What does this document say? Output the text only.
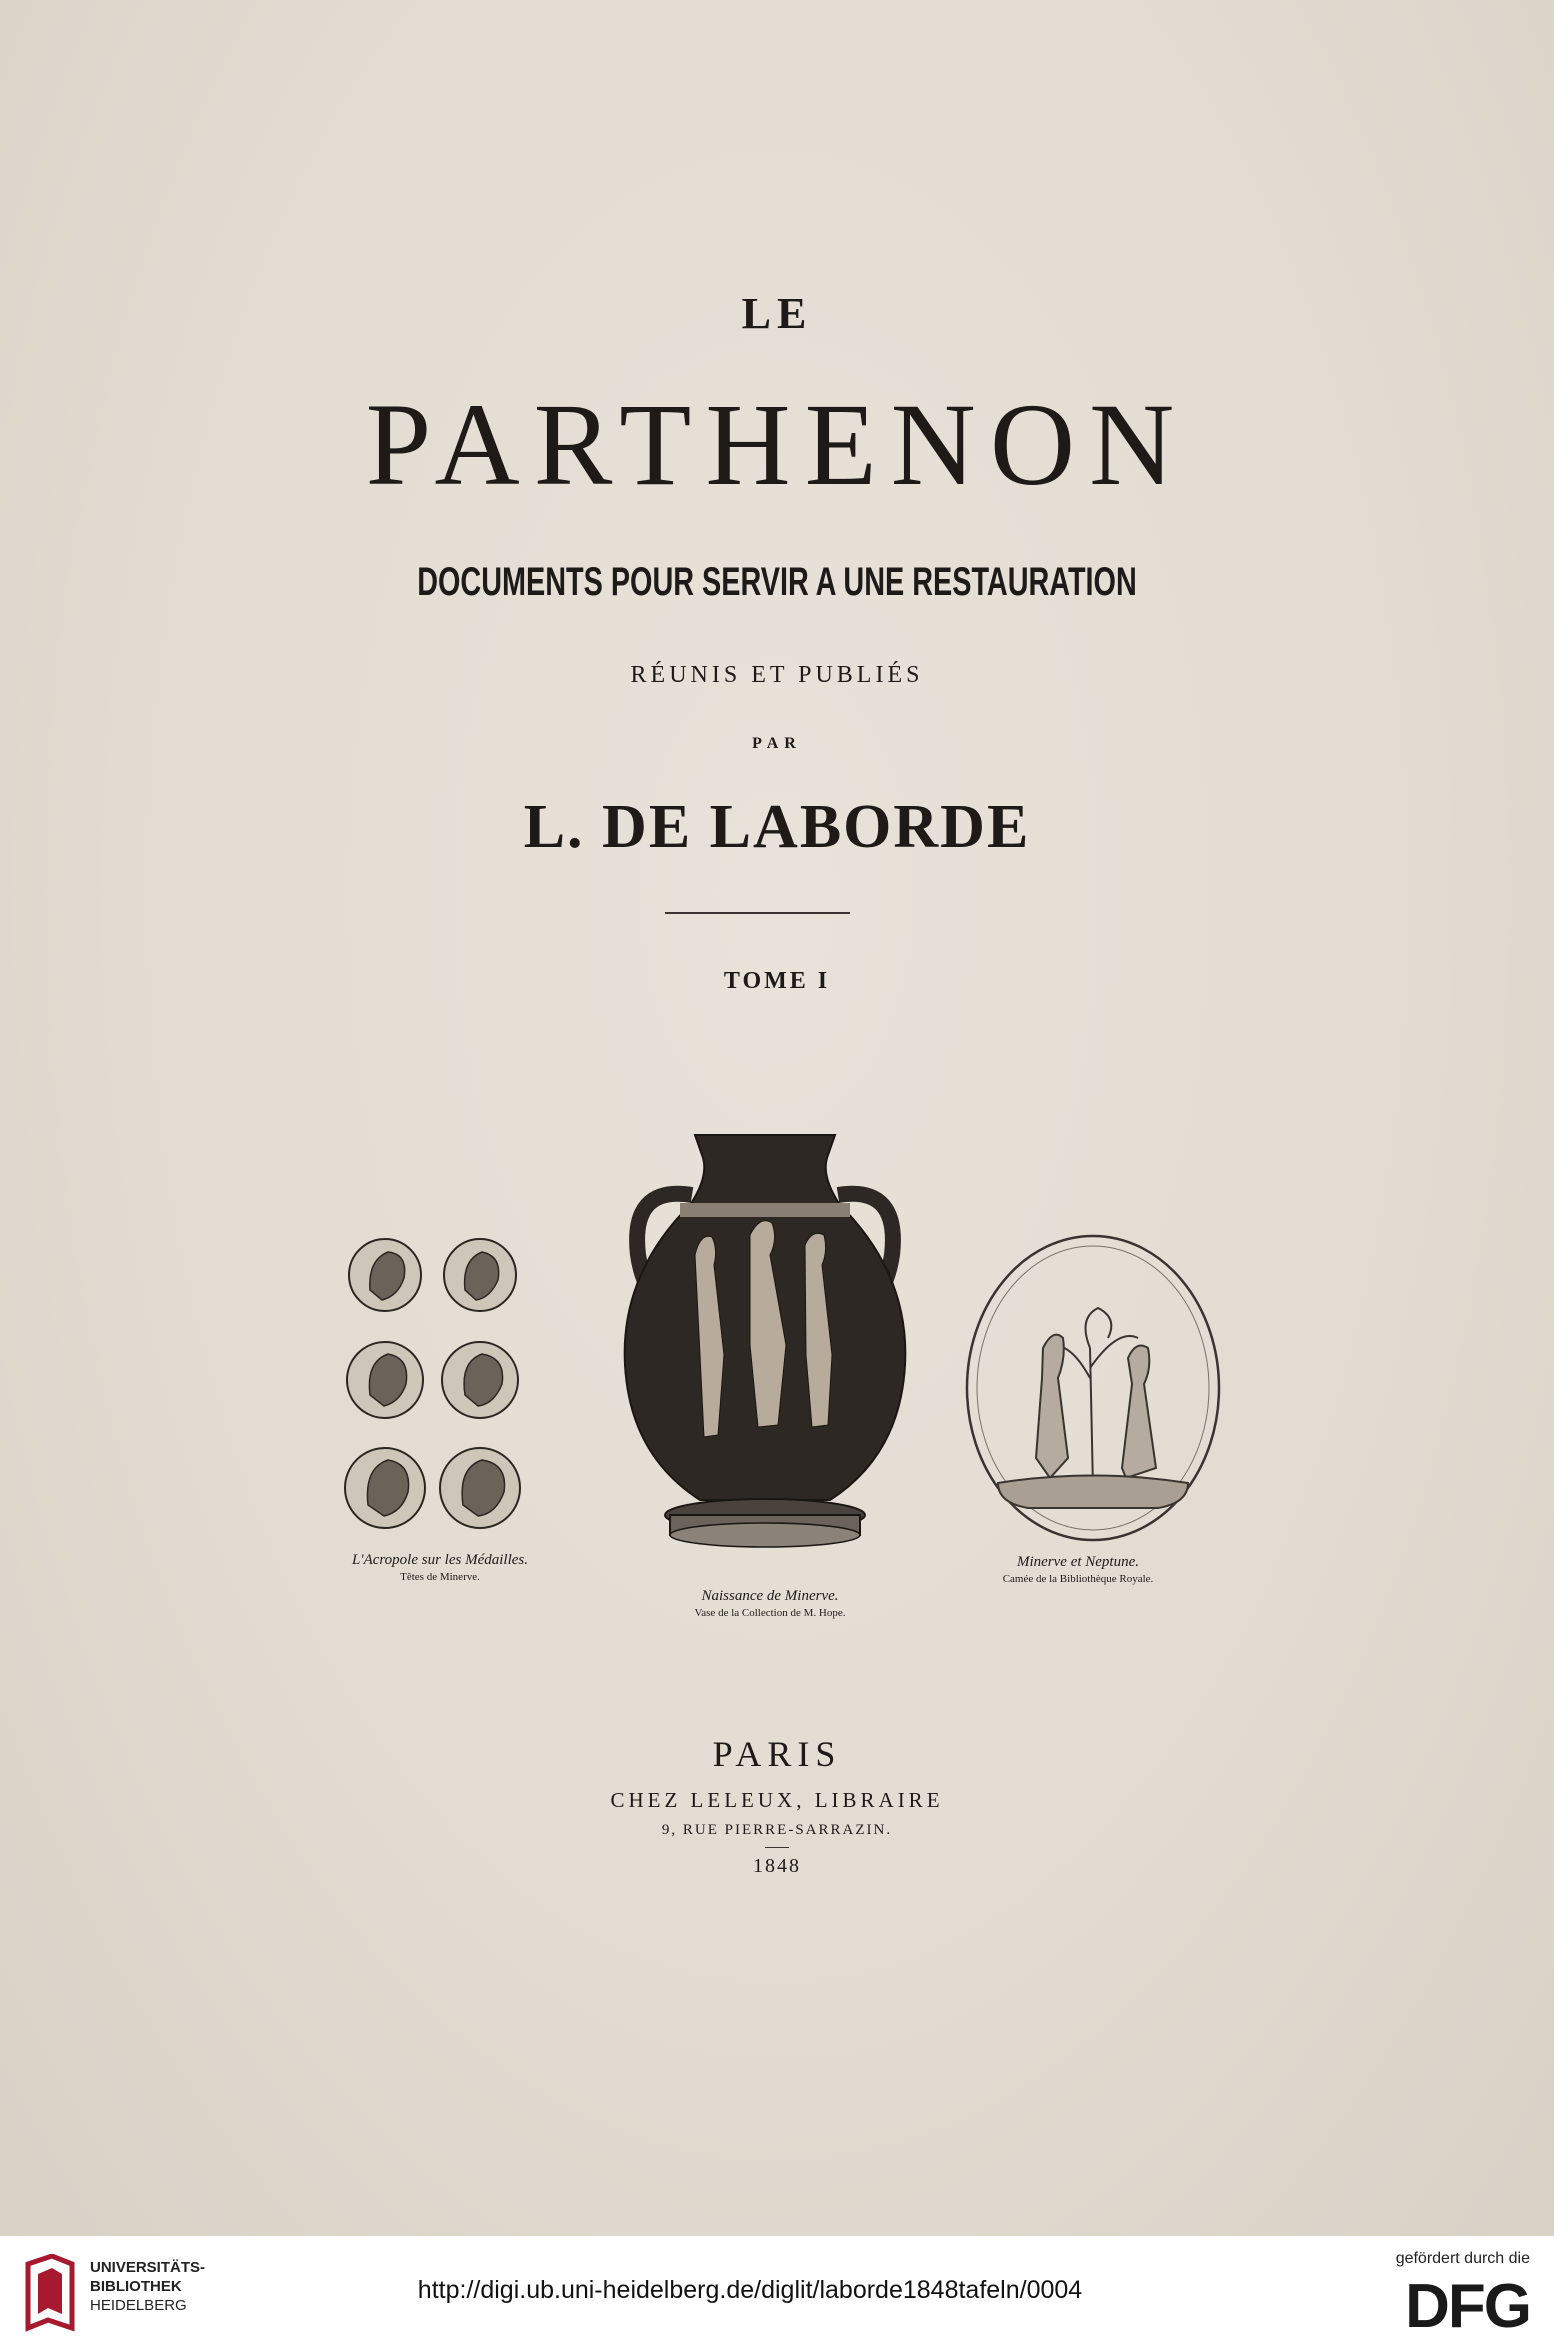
LE
PARTHENON
DOCUMENTS POUR SERVIR A UNE RESTAURATION
RÉUNIS ET PUBLIÉS
PAR
L. DE LABORDE
TOME I
L'Acropole sur les Médailles.
Têtes de Minerve.
Naissance de Minerve.
Vase de la Collection de M. Hope.
Minerve et Neptune.
Camée de la Bibliothèque Royale.
PARIS
CHEZ LELEUX, LIBRAIRE
9, RUE PIERRE-SARRAZIN.
1848
UNIVERSITÄTS-
BIBLIOTHEK
HEIDELBERG
http://digi.ub.uni-heidelberg.de/diglit/laborde1848tafeln/0004
gefördert durch die
DFG
